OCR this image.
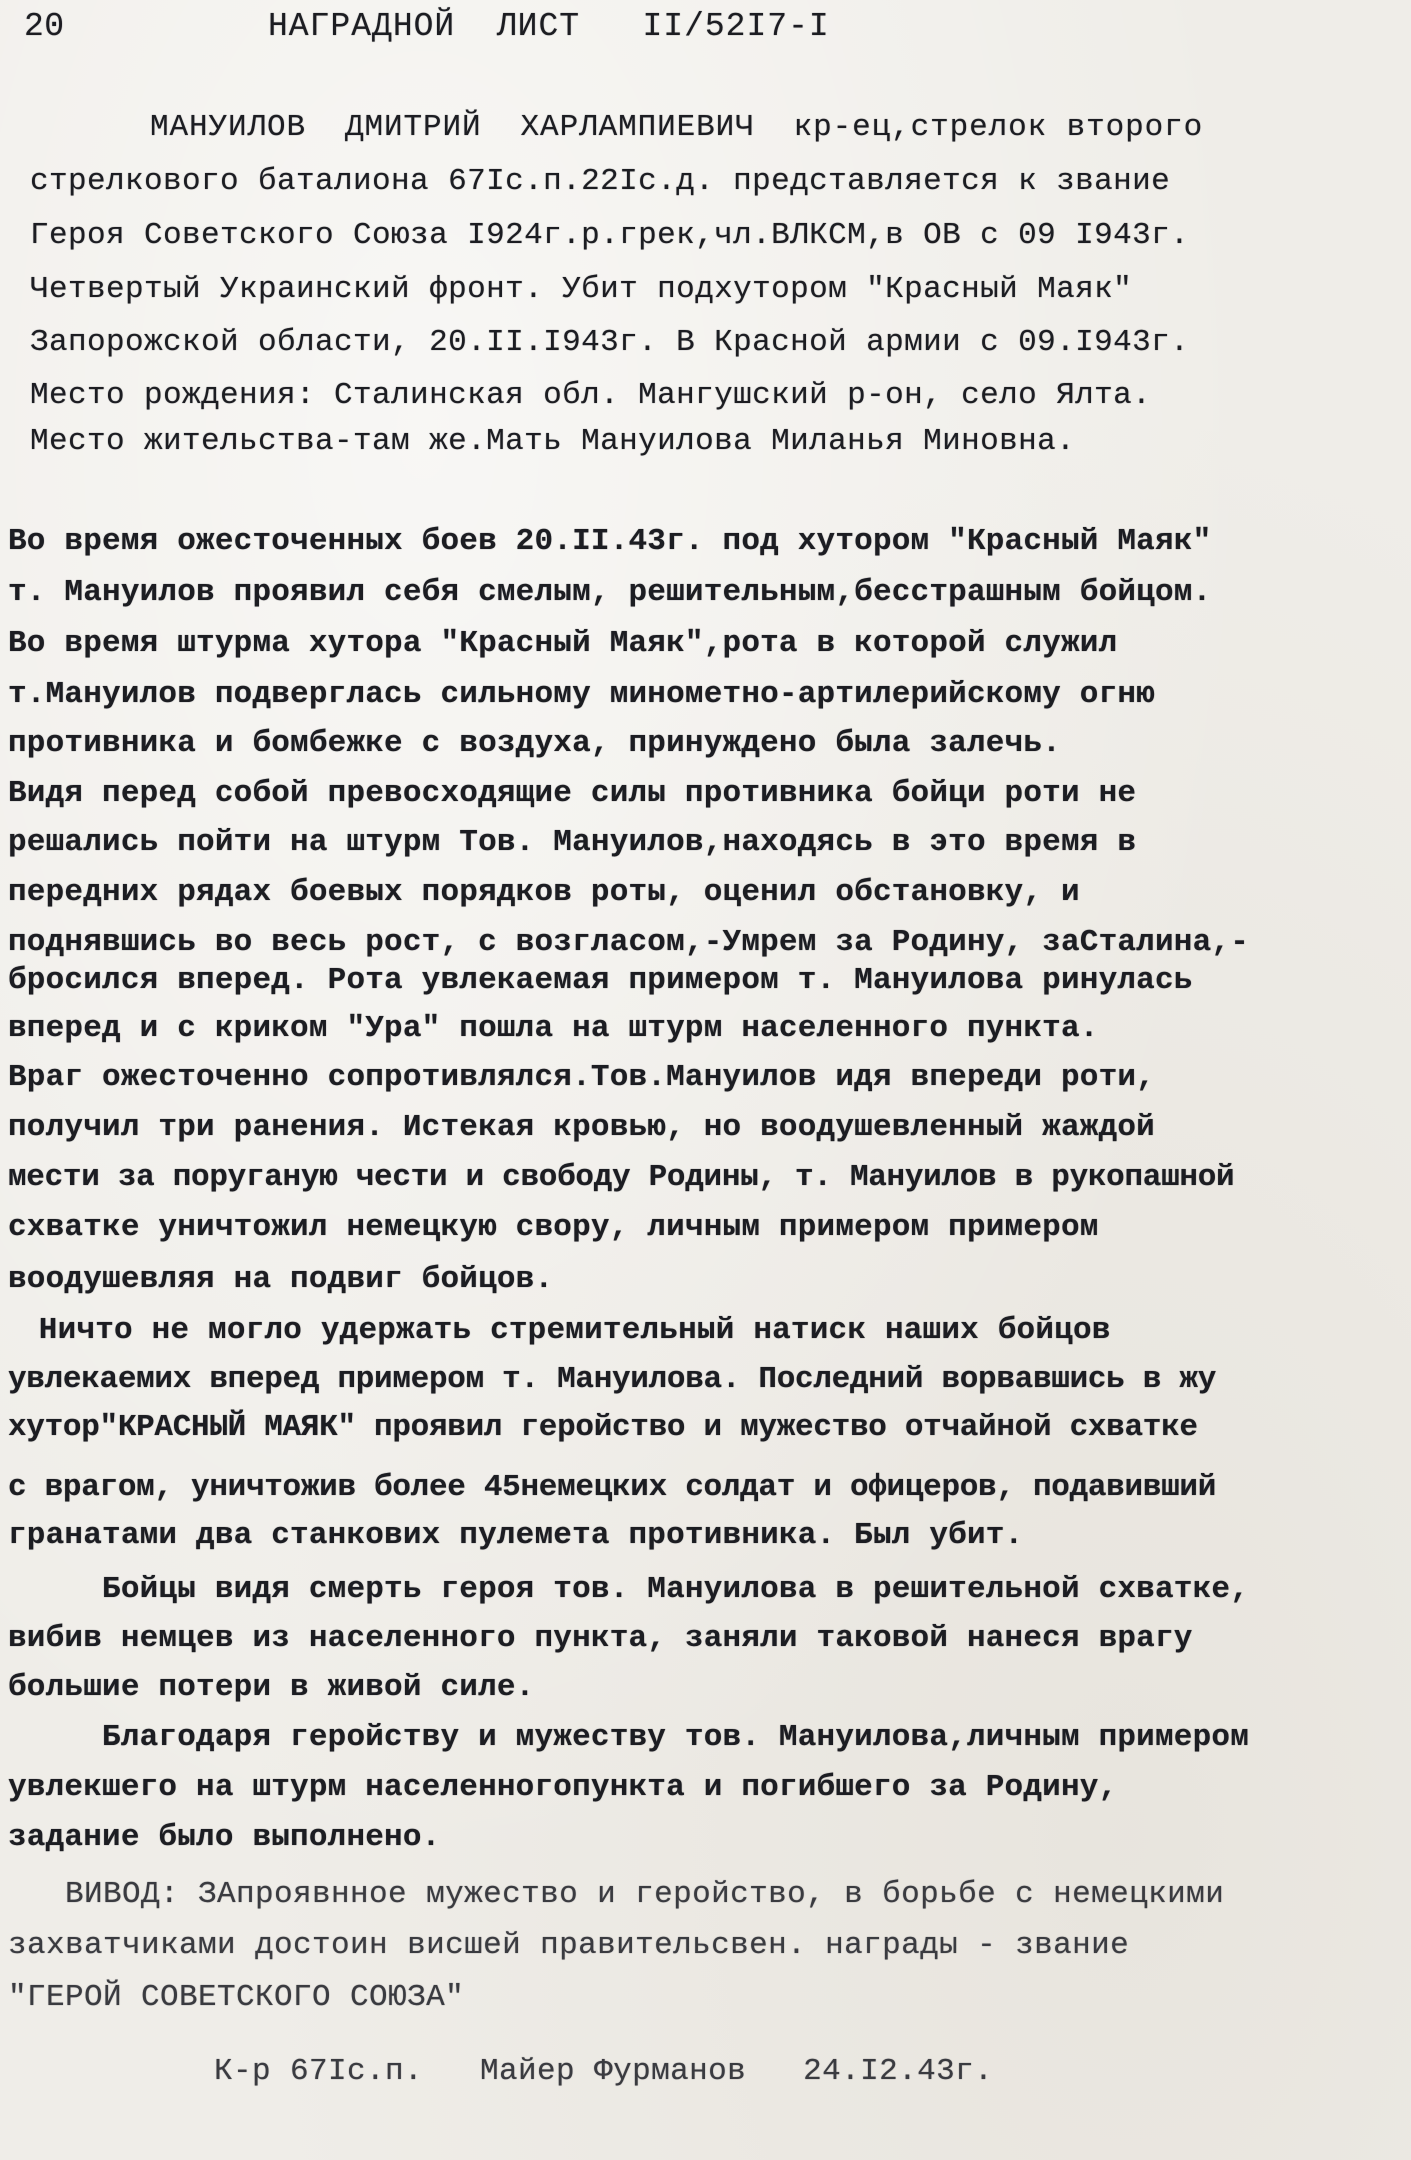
20	НАГРАДНОЙ  ЛИСТ   II/52I7-I
МАНУИЛОВ  ДМИТРИЙ  ХАРЛАМПИЕВИЧ  кр-ец,стрелок второго
стрелкового баталиона 67Iс.п.22Iс.д. представляется к звание
Героя Советского Союза I924г.р.грек,чл.ВЛКСМ,в ОВ с 09 I943г.
Четвертый Украинский фронт. Убит подхутором "Красный Маяк"
Запорожской области, 20.II.I943г. В Красной армии с 09.I943г.
Место рождения: Сталинская обл. Мангушский р-он, село Ялта.
Место жительства-там же.Мать Мануилова Миланья Миновна.
Во время ожесточенных боев 20.II.43г. под хутором "Красный Маяк"
т. Мануилов проявил себя смелым, решительным,бесстрашным бойцом.
Во время штурма хутора "Красный Маяк",рота в которой служил
т.Мануилов подверглась сильному минометно-артилерийскому огню
противника и бомбежке с воздуха, принуждено была залечь.
Видя перед собой превосходящие силы противника бойци роти не
решались пойти на штурм Тов. Мануилов,находясь в это время в
передних рядах боевых порядков роты, оценил обстановку, и
поднявшись во весь рост, с возгласом,-Умрем за Родину, заСталина,-
бросился вперед. Рота увлекаемая примером т. Мануилова ринулась
вперед и с криком "Ура" пошла на штурм населенного пункта.
Враг ожесточенно сопротивлялся.Тов.Мануилов идя впереди роти,
получил три ранения. Истекая кровью, но воодушевленный жаждой
мести за поруганую чести и свободу Родины, т. Мануилов в рукопашной
схватке уничтожил немецкую свору, личным примером примером
воодушевляя на подвиг бойцов.
Ничто не могло удержать стремительный натиск наших бойцов
увлекаемих вперед примером т. Мануилова. Последний ворвавшись в жу
хутор"КРАСНЫЙ МАЯК" проявил геройство и мужество отчайной схватке
с врагом, уничтожив более 45немецких солдат и офицеров, подавивший
гранатами два станкових пулемета противника. Был убит.
Бойцы видя смерть героя тов. Мануилова в решительной схватке,
вибив немцев из населенного пункта, заняли таковой нанеся врагу
большие потери в живой силе.
Благодаря геройству и мужеству тов. Мануилова,личным примером
увлекшего на штурм населенногопункта и погибшего за Родину,
задание было выполнено.
ВИВОД: ЗАпроявнное мужество и геройство, в борьбе с немецкими
захватчиками достоин висшей правительсвен. награды - звание
"ГЕРОЙ СОВЕТСКОГО СОЮЗА"
К-р 67Iс.п.   Майер Фурманов   24.I2.43г.
